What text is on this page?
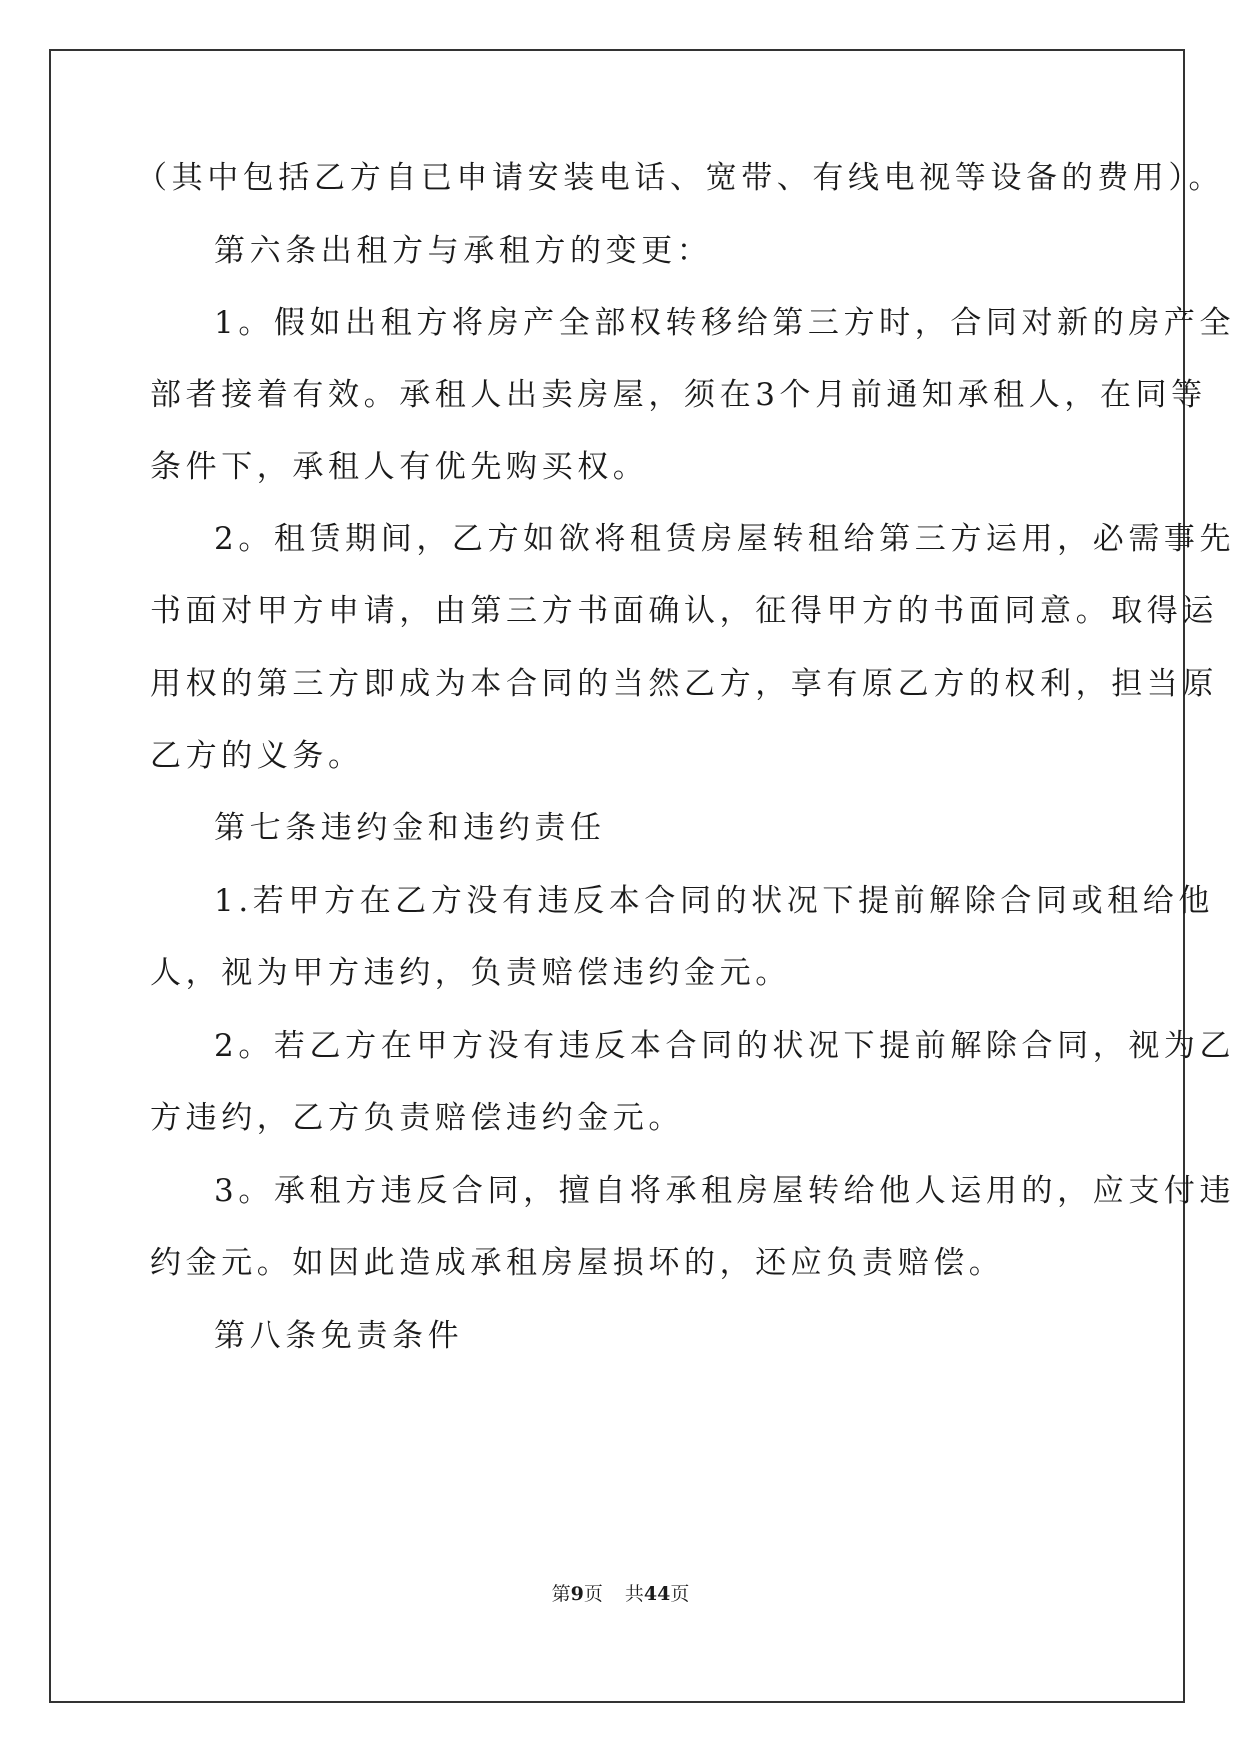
（其中包括乙方自已申请安装电话、宽带、有线电视等设备的费用）。
第六条出租方与承租方的变更：
1。假如出租方将房产全部权转移给第三方时，合同对新的房产全
部者接着有效。承租人出卖房屋，须在3个月前通知承租人，在同等
条件下，承租人有优先购买权。
2。租赁期间，乙方如欲将租赁房屋转租给第三方运用，必需事先
书面对甲方申请，由第三方书面确认，征得甲方的书面同意。取得运
用权的第三方即成为本合同的当然乙方，享有原乙方的权利，担当原
乙方的义务。
第七条违约金和违约责任
1.若甲方在乙方没有违反本合同的状况下提前解除合同或租给他
人，视为甲方违约，负责赔偿违约金元。
2。若乙方在甲方没有违反本合同的状况下提前解除合同，视为乙
方违约，乙方负责赔偿违约金元。
3。承租方违反合同，擅自将承租房屋转给他人运用的，应支付违
约金元。如因此造成承租房屋损坏的，还应负责赔偿。
第八条免责条件
第9页 共44页
